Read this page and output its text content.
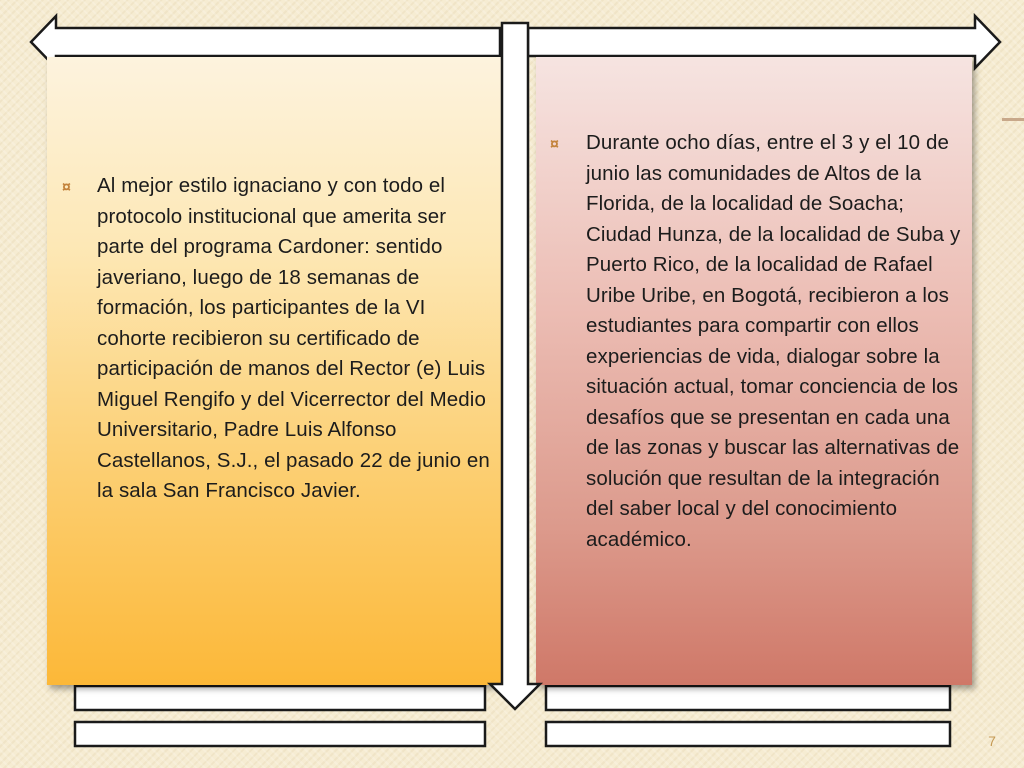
¤ Al mejor estilo ignaciano y con todo el protocolo institucional que amerita ser parte del programa Cardoner: sentido javeriano, luego de 18 semanas de formación, los participantes de la VI cohorte recibieron su certificado de participación de manos del Rector (e) Luis Miguel Rengifo y del Vicerrector del Medio Universitario, Padre Luis Alfonso Castellanos, S.J., el pasado 22 de junio en la sala San Francisco Javier.
¤ Durante ocho días, entre el 3 y el 10 de junio las comunidades de Altos de la Florida, de la localidad de Soacha; Ciudad Hunza, de la localidad de Suba y Puerto Rico, de la localidad de Rafael Uribe Uribe, en Bogotá, recibieron a los estudiantes para compartir con ellos experiencias de vida, dialogar sobre la situación actual, tomar conciencia de los desafíos que se presentan en cada una de las zonas y buscar las alternativas de solución que resultan de la integración del saber local y del conocimiento académico.
7
